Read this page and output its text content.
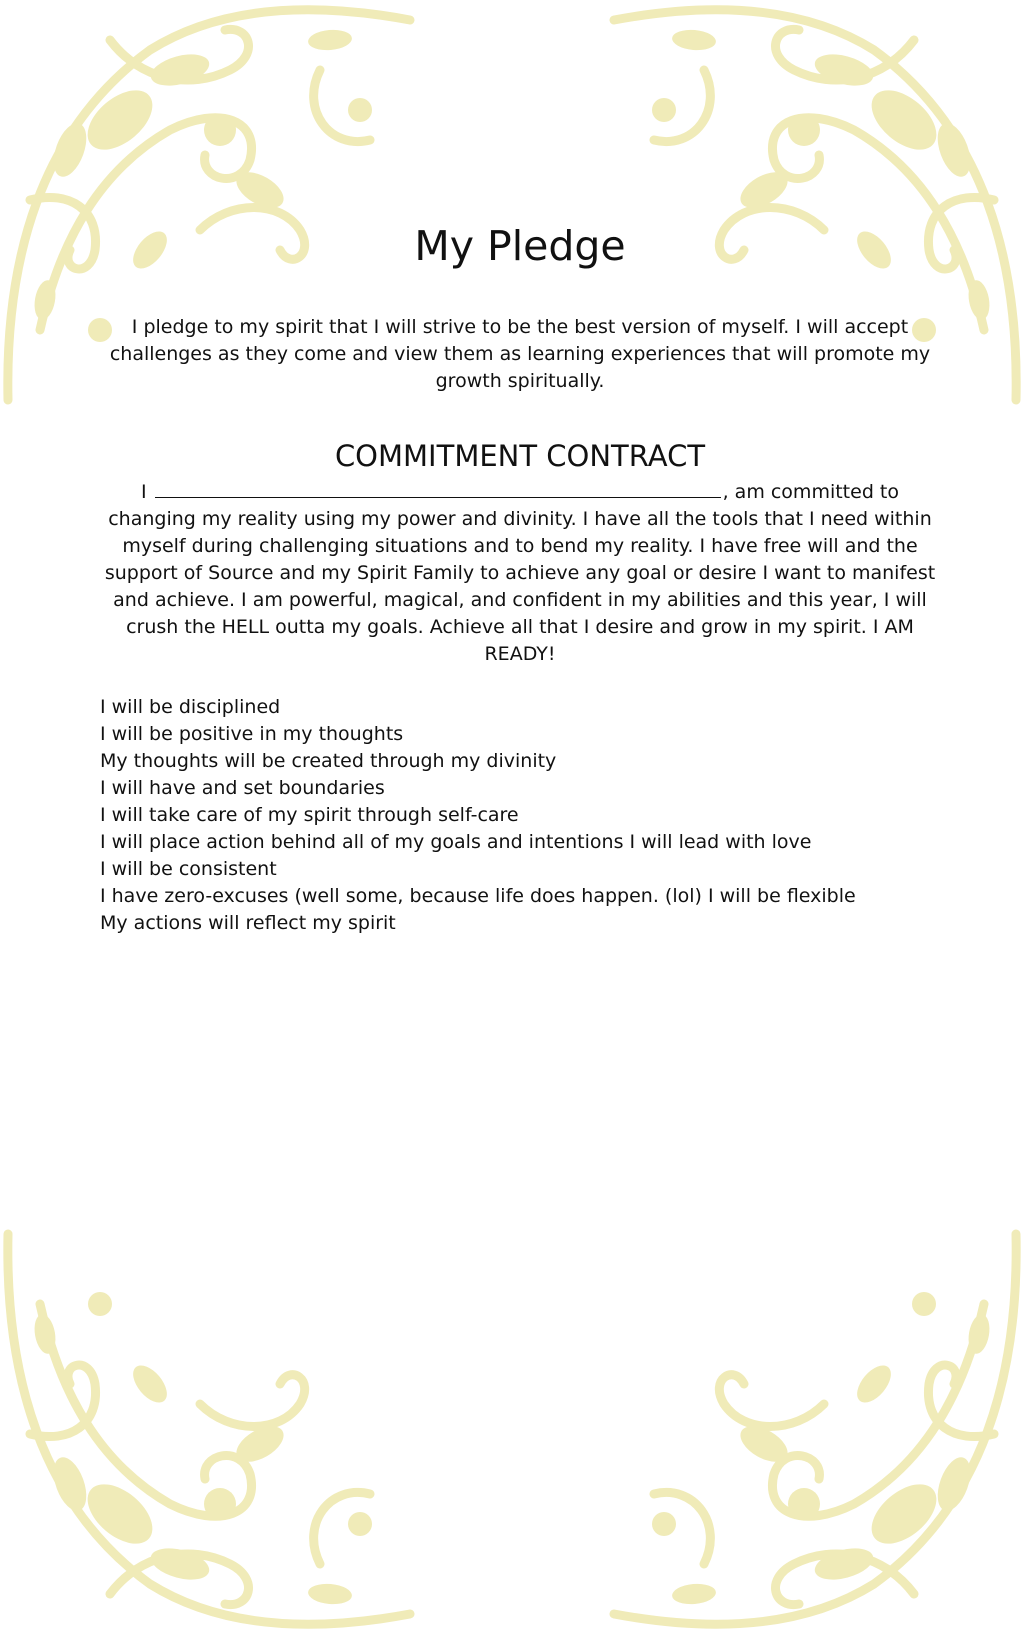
My Pledge

I pledge to my spirit that I will strive to be the best version of myself. I will accept challenges as they come and view them as learning experiences that will promote my growth spiritually.

COMMITMENT CONTRACT

I	, am committed to changing my reality using my power and divinity. I have all the tools that I need within myself during challenging situations and to bend my reality. I have free will and the support of Source and my Spirit Family to achieve any goal or desire I want to manifest and achieve. I am powerful, magical, and confident in my abilities and this year, I will crush the HELL outta my goals. Achieve all that I desire and grow in my spirit. I AM READY!

I will be disciplined
I will be positive in my thoughts
My thoughts will be created through my divinity
I will have and set boundaries
I will take care of my spirit through self-care
I will place action behind all of my goals and intentions I will lead with love
I will be consistent
I have zero-excuses (well some, because life does happen. (lol) I will be flexible
My actions will reflect my spirit
